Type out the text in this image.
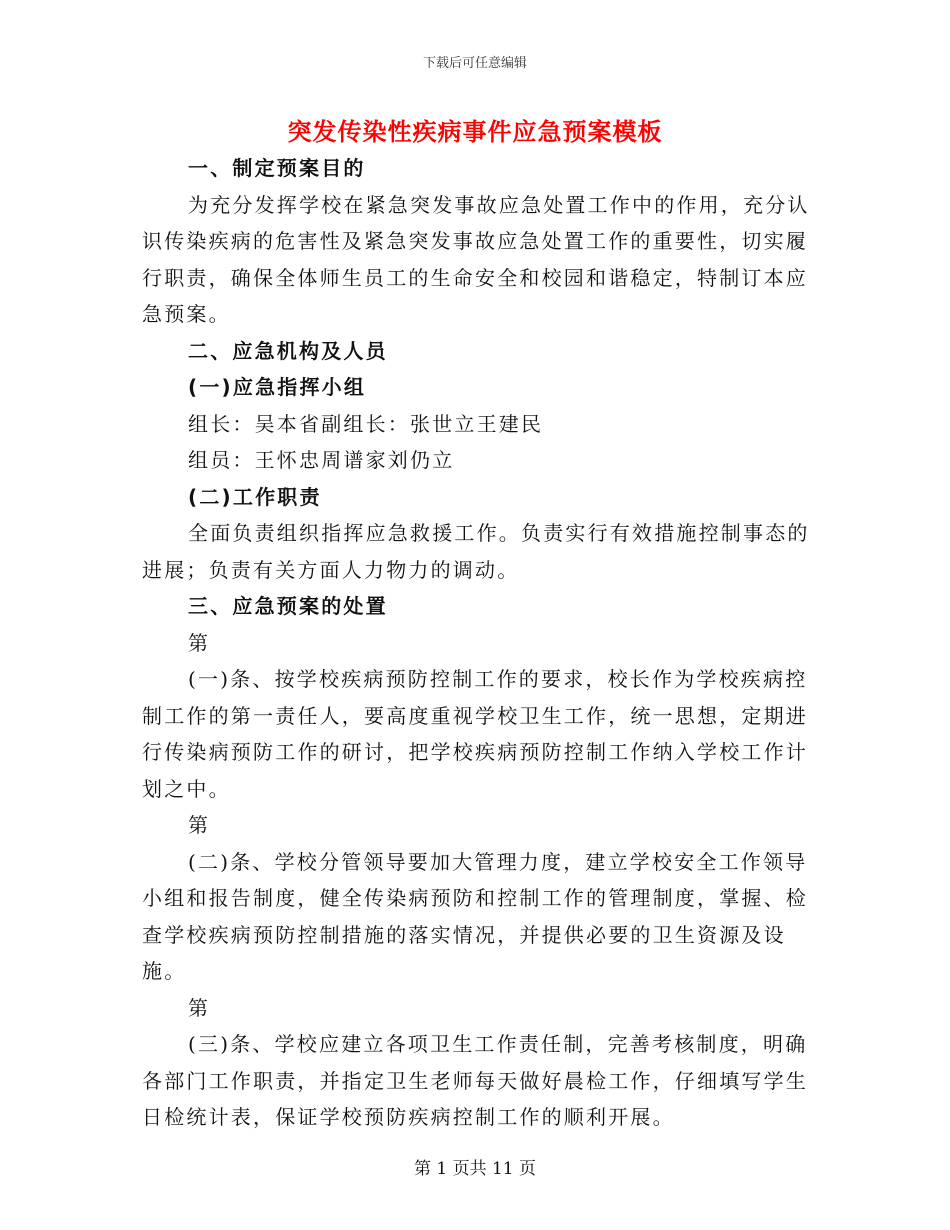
下载后可任意编辑
突发传染性疾病事件应急预案模板

一、制定预案目的

为充分发挥学校在紧急突发事故应急处置工作中的作用，充分认识传染疾病的危害性及紧急突发事故应急处置工作的重要性，切实履行职责，确保全体师生员工的生命安全和校园和谐稳定，特制订本应急预案。

二、应急机构及人员

(一)应急指挥小组

组长：吴本省副组长：张世立王建民

组员：王怀忠周谱家刘仍立

(二)工作职责

全面负责组织指挥应急救援工作。负责实行有效措施控制事态的进展；负责有关方面人力物力的调动。

三、应急预案的处置

第

(一)条、按学校疾病预防控制工作的要求，校长作为学校疾病控制工作的第一责任人，要高度重视学校卫生工作，统一思想，定期进行传染病预防工作的研讨，把学校疾病预防控制工作纳入学校工作计划之中。

第

(二)条、学校分管领导要加大管理力度，建立学校安全工作领导小组和报告制度，健全传染病预防和控制工作的管理制度，掌握、检查学校疾病预防控制措施的落实情况，并提供必要的卫生资源及设施。

第

(三)条、学校应建立各项卫生工作责任制，完善考核制度，明确各部门工作职责，并指定卫生老师每天做好晨检工作，仔细填写学生日检统计表，保证学校预防疾病控制工作的顺利开展。

第 1 页共 11 页
